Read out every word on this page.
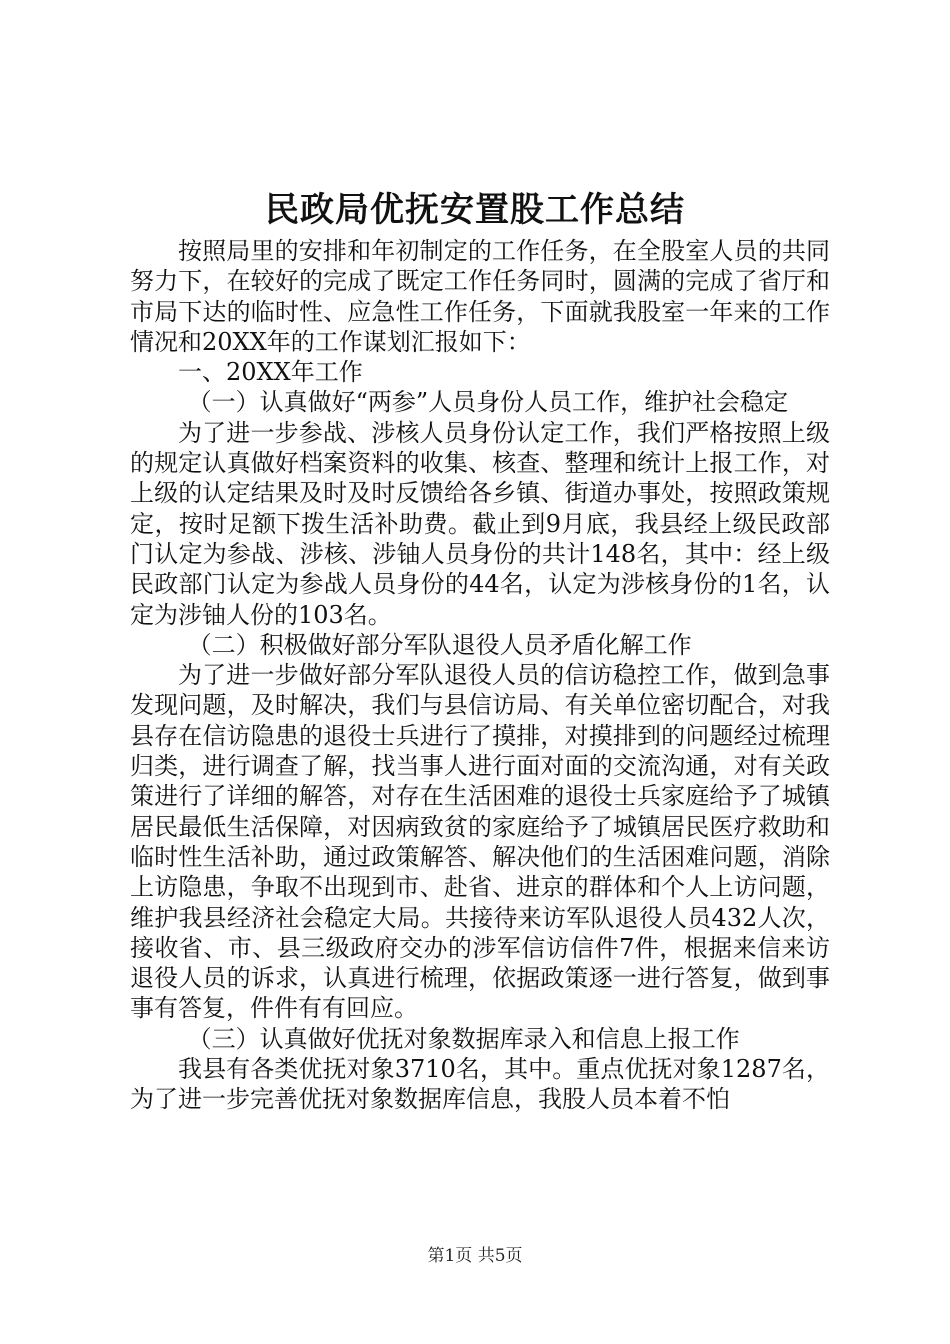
民政局优抚安置股工作总结

按照局里的安排和年初制定的工作任务，在全股室人员的共同努力下，在较好的完成了既定工作任务同时，圆满的完成了省厅和市局下达的临时性、应急性工作任务，下面就我股室一年来的工作情况和20XX年的工作谋划汇报如下：

一、20XX年工作

（一）认真做好“两参”人员身份人员工作，维护社会稳定

为了进一步参战、涉核人员身份认定工作，我们严格按照上级的规定认真做好档案资料的收集、核查、整理和统计上报工作，对上级的认定结果及时及时反馈给各乡镇、街道办事处，按照政策规定，按时足额下拨生活补助费。截止到9月底，我县经上级民政部门认定为参战、涉核、涉铀人员身份的共计148名，其中：经上级民政部门认定为参战人员身份的44名，认定为涉核身份的1名，认定为涉铀人份的103名。

（二）积极做好部分军队退役人员矛盾化解工作

为了进一步做好部分军队退役人员的信访稳控工作，做到急事发现问题，及时解决，我们与县信访局、有关单位密切配合，对我县存在信访隐患的退役士兵进行了摸排，对摸排到的问题经过梳理归类，进行调查了解，找当事人进行面对面的交流沟通，对有关政策进行了详细的解答，对存在生活困难的退役士兵家庭给予了城镇居民最低生活保障，对因病致贫的家庭给予了城镇居民医疗救助和临时性生活补助，通过政策解答、解决他们的生活困难问题，消除上访隐患，争取不出现到市、赴省、进京的群体和个人上访问题，维护我县经济社会稳定大局。共接待来访军队退役人员432人次，接收省、市、县三级政府交办的涉军信访信件7件，根据来信来访退役人员的诉求，认真进行梳理，依据政策逐一进行答复，做到事事有答复，件件有有回应。

（三）认真做好优抚对象数据库录入和信息上报工作

我县有各类优抚对象3710名，其中。重点优抚对象1287名，为了进一步完善优抚对象数据库信息，我股人员本着不怕

第1页 共5页
